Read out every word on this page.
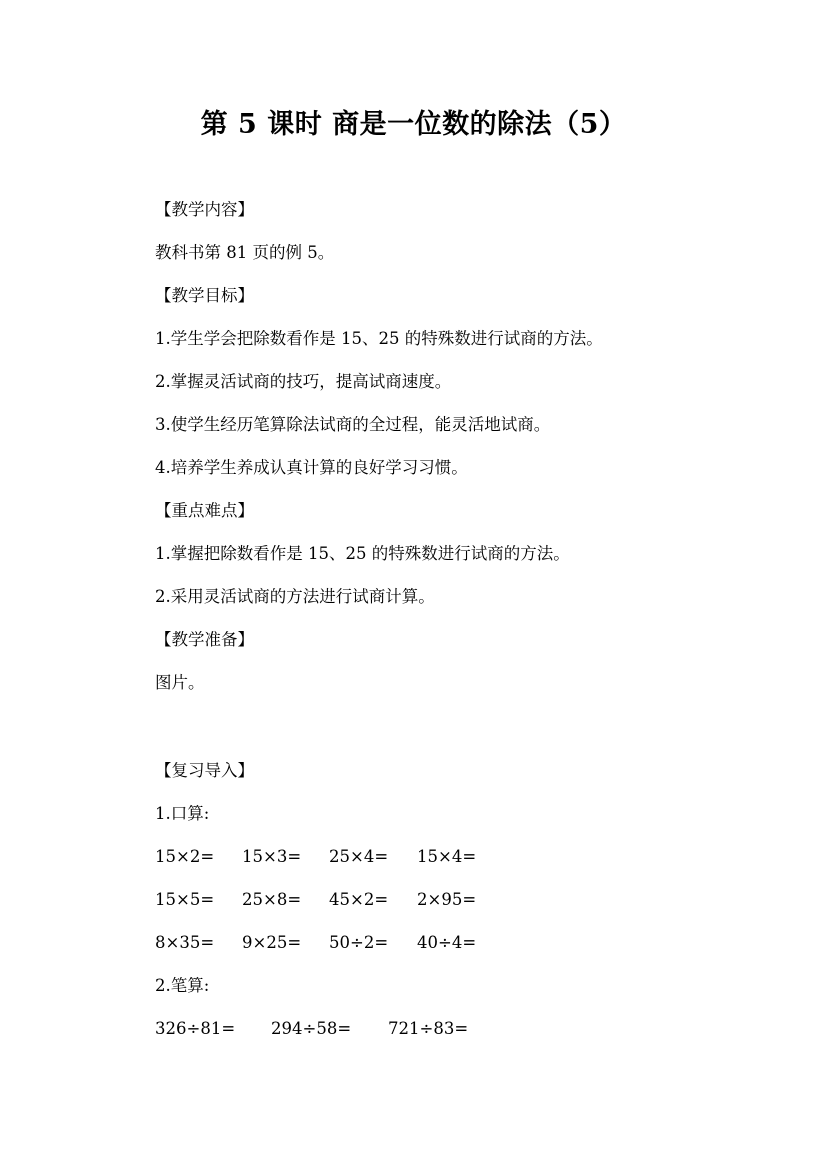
第 5 课时 商是一位数的除法（5）
【教学内容】
教科书第 81 页的例 5。
【教学目标】
1.学生学会把除数看作是 15、25 的特殊数进行试商的方法。
2.掌握灵活试商的技巧，提高试商速度。
3.使学生经历笔算除法试商的全过程，能灵活地试商。
4.培养学生养成认真计算的良好学习习惯。
【重点难点】
1.掌握把除数看作是 15、25 的特殊数进行试商的方法。
2.采用灵活试商的方法进行试商计算。
【教学准备】
图片。
【复习导入】
1.口算:
15×2= 15×3= 25×4= 15×4=
15×5= 25×8= 45×2= 2×95=
8×35= 9×25= 50÷2= 40÷4=
2.笔算:
326÷81= 294÷58= 721÷83=
